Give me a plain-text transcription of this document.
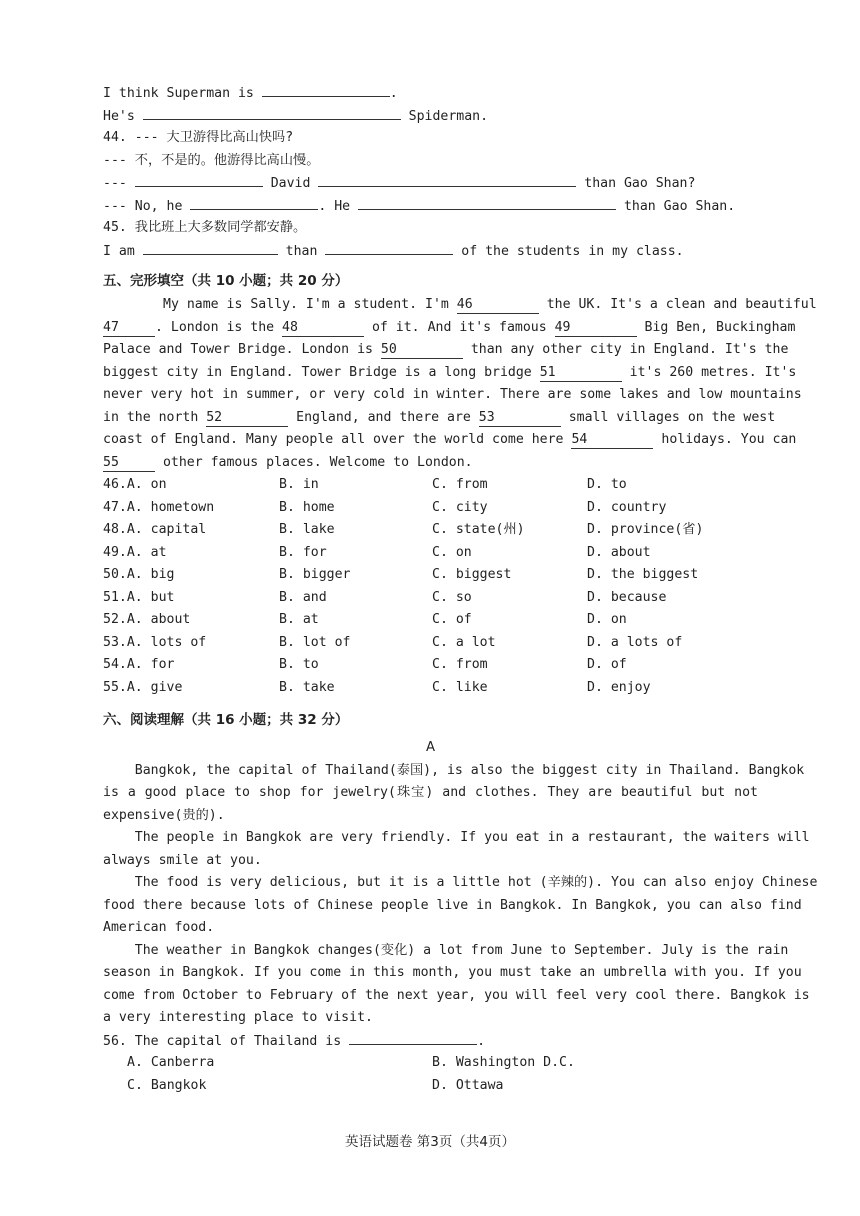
I think Superman is	.
He's	Spiderman.
44. --- 大卫游得比高山快吗?
--- 不，不是的。他游得比高山慢。
---	David	than Gao Shan?
--- No, he	. He	than Gao Shan.
45. 我比班上大多数同学都安静。
I am	than	of the students in my class.
五、完形填空（共 10 小题；共 20 分）
My name is Sally. I'm a student. I'm 46	the UK. It's a clean and beautiful
47	. London is the 48	of it. And it's famous 49	Big Ben, Buckingham
Palace and Tower Bridge. London is 50	than any other city in England. It's the
biggest city in England. Tower Bridge is a long bridge 51	it's 260 metres. It's
never very hot in summer, or very cold in winter. There are some lakes and low mountains
in the north 52	England, and there are 53	small villages on the west
coast of England. Many people all over the world come here 54	holidays. You can
55	other famous places. Welcome to London.
46. A. on	B. in	C. from	D. to
47. A. hometown	B. home	C. city	D. country
48. A. capital	B. lake	C. state(州)	D. province(省)
49. A. at	B. for	C. on	D. about
50. A. big	B. bigger	C. biggest	D. the biggest
51. A. but	B. and	C. so	D. because
52. A. about	B. at	C. of	D. on
53. A. lots of	B. lot of	C. a lot	D. a lots of
54. A. for	B. to	C. from	D. of
55. A. give	B. take	C. like	D. enjoy
六、阅读理解（共 16 小题；共 32 分）
A
Bangkok, the capital of Thailand(泰国), is also the biggest city in Thailand. Bangkok
is a good place to shop for jewelry(珠宝) and clothes. They are beautiful but not
expensive(贵的).
The people in Bangkok are very friendly. If you eat in a restaurant, the waiters will
always smile at you.
The food is very delicious, but it is a little hot (辛辣的). You can also enjoy Chinese
food there because lots of Chinese people live in Bangkok. In Bangkok, you can also find
American food.
The weather in Bangkok changes(变化) a lot from June to September. July is the rain
season in Bangkok. If you come in this month, you must take an umbrella with you. If you
come from October to February of the next year, you will feel very cool there. Bangkok is
a very interesting place to visit.
56. The capital of Thailand is	.
A. Canberra	B. Washington D.C.
C. Bangkok	D. Ottawa
英语试题卷 第3页（共4页）
